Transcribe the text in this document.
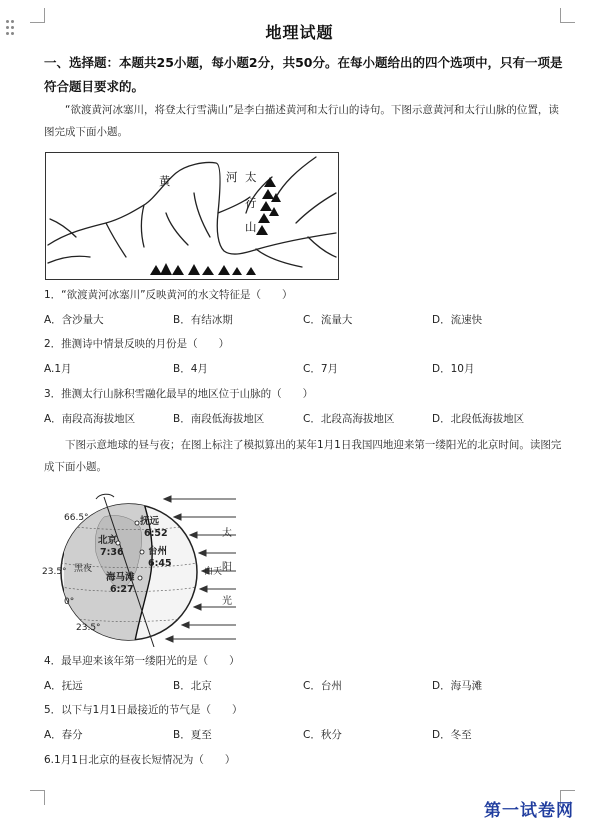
地理试题
一、选择题：本题共25小题，每小题2分，共50分。在每小题给出的四个选项中，只有一项是符合题目要求的。
“欲渡黄河冰塞川，将登太行雪满山”是李白描述黄河和太行山的诗句。下图示意黄河和太行山脉的位置，读图完成下面小题。
黄	河 太
行
山
1．“欲渡黄河冰塞川”反映黄河的水文特征是（　　）
A．含沙量大	B．有结冰期	C．流量大	D．流速快
2．推测诗中情景反映的月份是（　　）
A.1月	B．4月	C．7月	D．10月
3．推测太行山脉积雪融化最早的地区位于山脉的（　　）
A．南段高海拔地区	B．南段低海拔地区	C．北段高海拔地区	D．北段低海拔地区
下图示意地球的昼与夜；在图上标注了模拟算出的某年1月1日我国四地迎来第一缕阳光的北京时间。读图完成下面小题。
66.5°
23.5°
0°
23.5°
黑夜	白天
太
阳
光
抚远
6:52
北京
7:36	台州
6:45
海马滩
6:27
4．最早迎来该年第一缕阳光的是（　　）
A．抚远	B．北京	C．台州	D．海马滩
5．以下与1月1日最接近的节气是（　　）
A．春分	B．夏至	C．秋分	D．冬至
6.1月1日北京的昼夜长短情况为（　　）
第一试卷网
